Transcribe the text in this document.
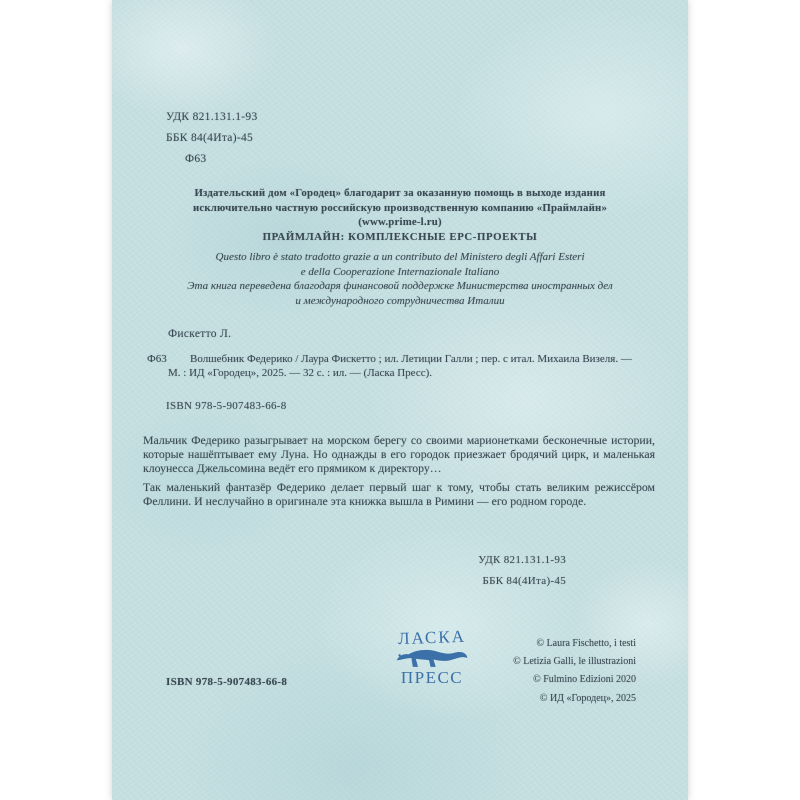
УДК 821.131.1-93
ББК 84(4Ита)-45
Ф63
Издательский дом «Городец» благодарит за оказанную помощь в выходе издания
исключительно частную российскую производственную компанию «Праймлайн»
(www.prime-l.ru)
ПРАЙМЛАЙН: КОМПЛЕКСНЫЕ EPC-ПРОЕКТЫ
Questo libro è stato tradotto grazie a un contributo del Ministero degli Affari Esteri
e della Cooperazione Internazionale Italiano
Эта книга переведена благодаря финансовой поддержке Министерства иностранных дел
и международного сотрудничества Италии
Фискетто Л.
Ф63	Волшебник Федерико / Лаура Фискетто ; ил. Летиции Галли ; пер. с итал. Михаила Визеля. — М. : ИД «Городец», 2025. — 32 с. : ил. — (Ласка Пресс).
ISBN 978-5-907483-66-8

Мальчик Федерико разыгрывает на морском берегу со своими марионетками бесконечные истории, которые нашёптывает ему Луна. Но однажды в его городок приезжает бродячий цирк, и маленькая клоунесса Джельсомина ведёт его прямиком к директору…

Так маленький фантазёр Федерико делает первый шаг к тому, чтобы стать великим режиссёром Феллини. И неслучайно в оригинале эта книжка вышла в Римини — его родном городе.

УДК 821.131.1-93
ББК 84(4Ита)-45
ISBN 978-5-907483-66-8
ЛАСКА
ПРЕСС
© Laura Fischetto, i testi
© Letizia Galli, le illustrazioni
© Fulmino Edizioni 2020
© ИД «Городец», 2025
